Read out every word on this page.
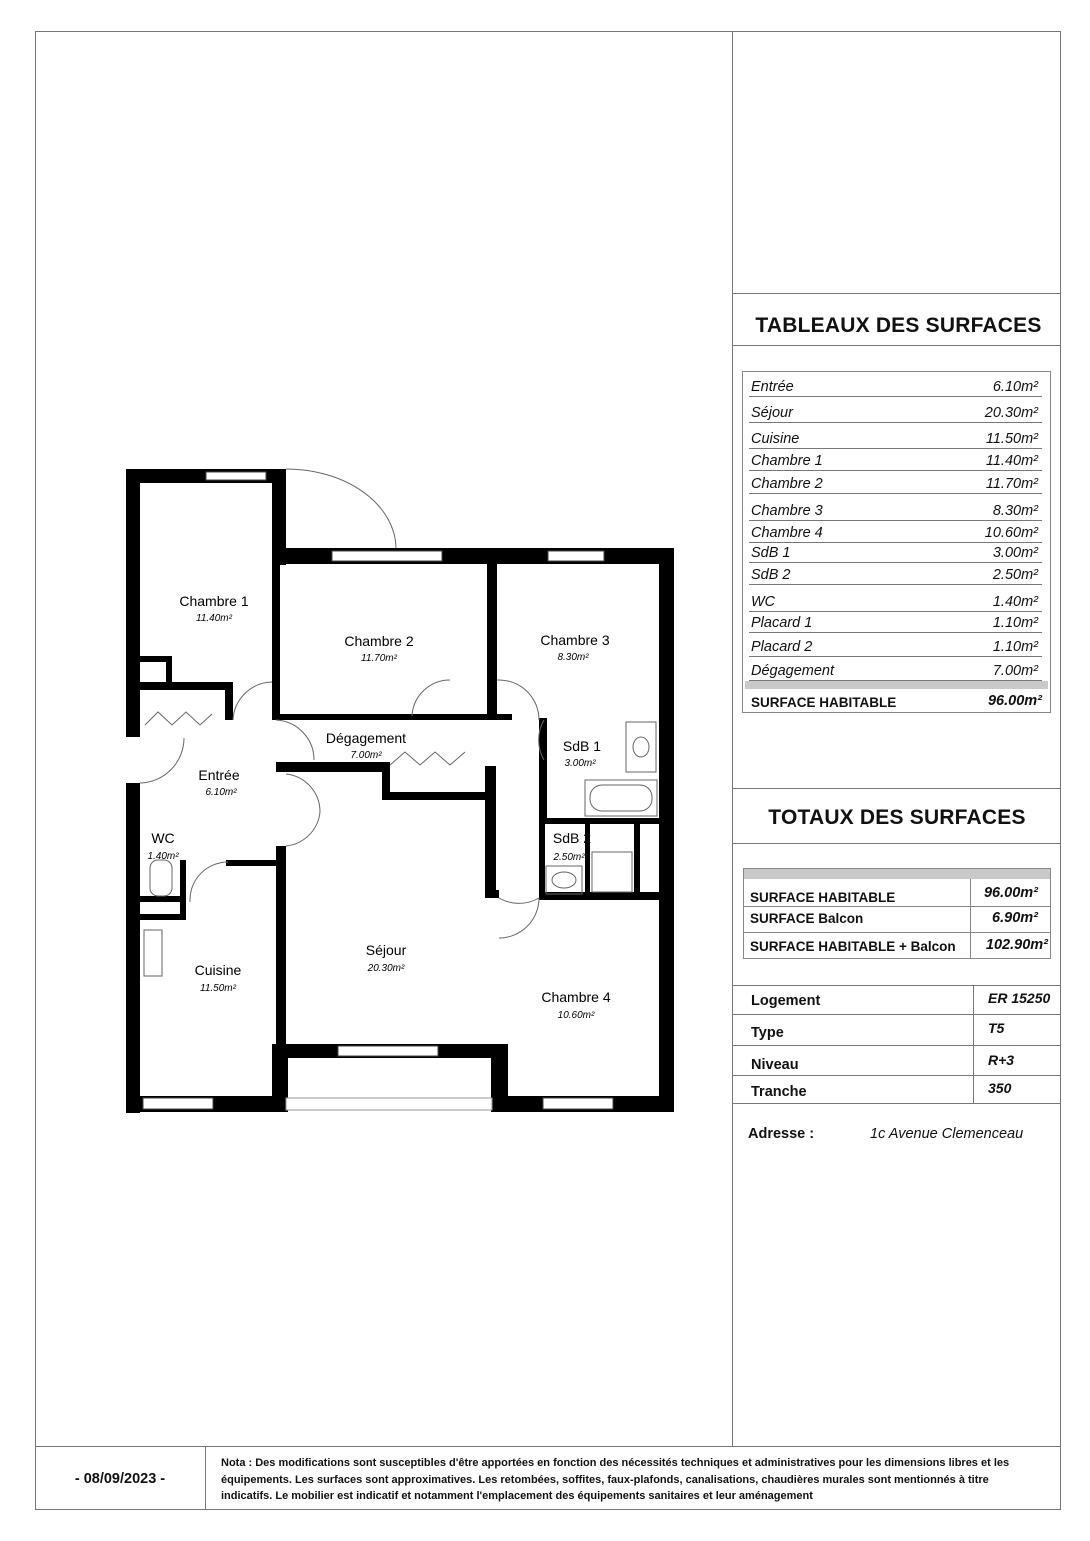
Chambre 1
11.40m²
Chambre 2
11.70m²
Chambre 3
8.30m²
Dégagement
7.00m²
SdB 1
3.00m²
Entrée
6.10m²
WC
1.40m²
SdB 2
2.50m²
Séjour
20.30m²
Cuisine
11.50m²
Chambre 4
10.60m²
TABLEAUX DES SURFACES
Entrée	6.10m²
Séjour	20.30m²
Cuisine	11.50m²
Chambre 1	11.40m²
Chambre 2	11.70m²
Chambre 3	8.30m²
Chambre 4	10.60m²
SdB 1	3.00m²
SdB 2	2.50m²
WC	1.40m²
Placard 1	1.10m²
Placard 2	1.10m²
Dégagement	7.00m²
SURFACE HABITABLE	96.00m²
TOTAUX DES SURFACES
SURFACE HABITABLE	96.00m²
SURFACE Balcon	6.90m²
SURFACE HABITABLE + Balcon 102.90m²
Logement	ER 15250
Type	T5
Niveau	R+3
Tranche	350
Adresse :	1c Avenue Clemenceau
- 08/09/2023 -
Nota : Des modifications sont susceptibles d'être apportées en fonction des nécessités techniques et administratives pour les dimensions libres et les équipements. Les surfaces sont approximatives. Les retombées, soffites, faux-plafonds, canalisations, chaudières murales sont mentionnés à titre indicatifs. Le mobilier est indicatif et notamment l'emplacement des équipements sanitaires et leur aménagement
